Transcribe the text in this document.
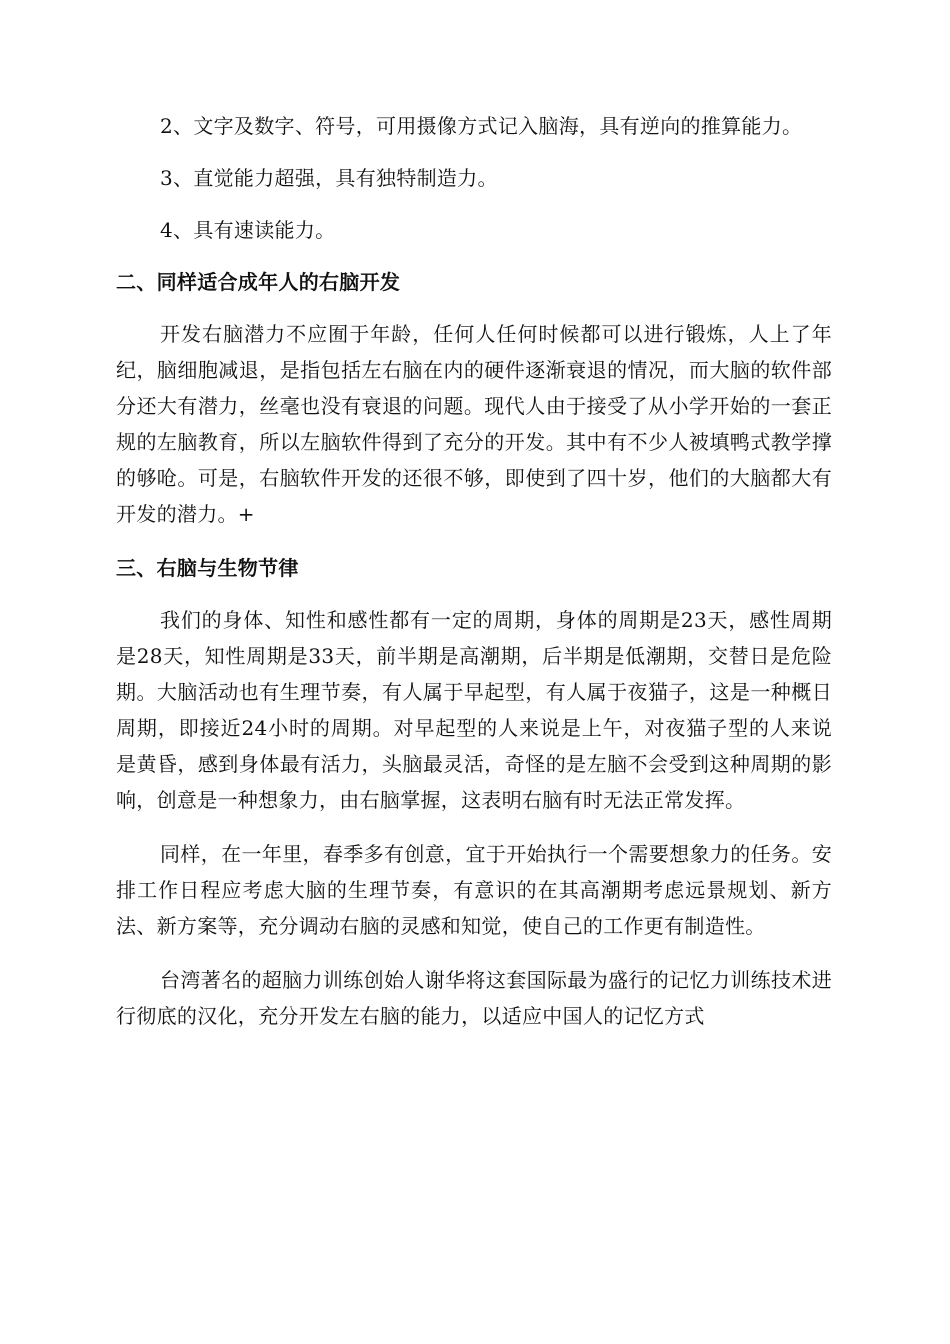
2、文字及数字、符号，可用摄像方式记入脑海，具有逆向的推算能力。

3、直觉能力超强，具有独特制造力。

4、具有速读能力。

二、同样适合成年人的右脑开发

开发右脑潜力不应囿于年龄，任何人任何时候都可以进行锻炼，人上了年纪，脑细胞减退，是指包括左右脑在内的硬件逐渐衰退的情况，而大脑的软件部分还大有潜力，丝毫也没有衰退的问题。现代人由于接受了从小学开始的一套正规的左脑教育，所以左脑软件得到了充分的开发。其中有不少人被填鸭式教学撑的够呛。可是，右脑软件开发的还很不够，即使到了四十岁，他们的大脑都大有开发的潜力。+

三、右脑与生物节律

我们的身体、知性和感性都有一定的周期，身体的周期是23天，感性周期是28天，知性周期是33天，前半期是高潮期，后半期是低潮期，交替日是危险期。大脑活动也有生理节奏，有人属于早起型，有人属于夜猫子，这是一种概日周期，即接近24小时的周期。对早起型的人来说是上午，对夜猫子型的人来说是黄昏，感到身体最有活力，头脑最灵活，奇怪的是左脑不会受到这种周期的影响，创意是一种想象力，由右脑掌握，这表明右脑有时无法正常发挥。

同样，在一年里，春季多有创意，宜于开始执行一个需要想象力的任务。安排工作日程应考虑大脑的生理节奏，有意识的在其高潮期考虑远景规划、新方法、新方案等，充分调动右脑的灵感和知觉，使自己的工作更有制造性。

台湾著名的超脑力训练创始人谢华将这套国际最为盛行的记忆力训练技术进行彻底的汉化，充分开发左右脑的能力，以适应中国人的记忆方式
